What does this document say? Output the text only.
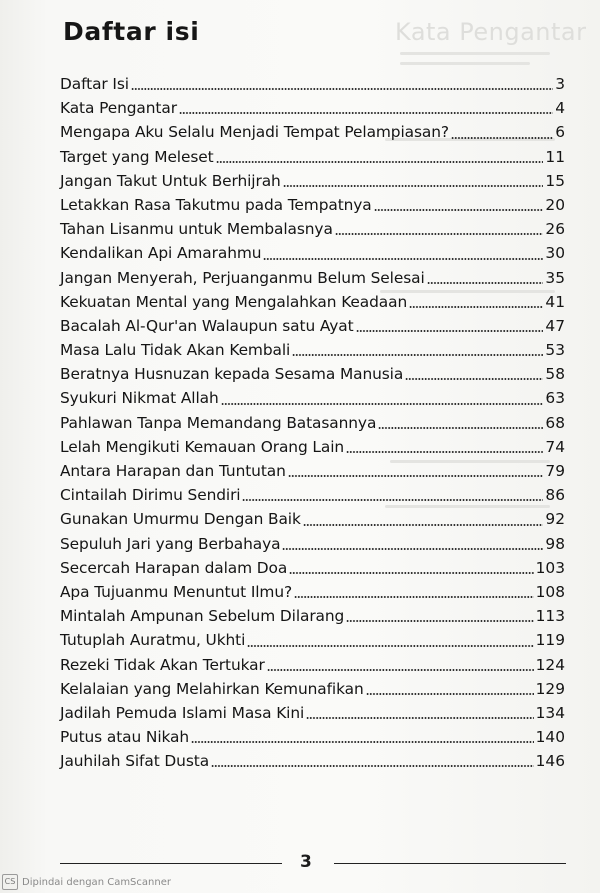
Kata Pengantar
Daftar isi
Daftar Isi	3
Kata Pengantar	4
Mengapa Aku Selalu Menjadi Tempat Pelampiasan?	6
Target yang Meleset	11
Jangan Takut Untuk Berhijrah	15
Letakkan Rasa Takutmu pada Tempatnya	20
Tahan Lisanmu untuk Membalasnya	26
Kendalikan Api Amarahmu	30
Jangan Menyerah, Perjuanganmu Belum Selesai	35
Kekuatan Mental yang Mengalahkan Keadaan	41
Bacalah Al-Qur'an Walaupun satu Ayat	47
Masa Lalu Tidak Akan Kembali	53
Beratnya Husnuzan kepada Sesama Manusia	58
Syukuri Nikmat Allah	63
Pahlawan Tanpa Memandang Batasannya	68
Lelah Mengikuti Kemauan Orang Lain	74
Antara Harapan dan Tuntutan	79
Cintailah Dirimu Sendiri	86
Gunakan Umurmu Dengan Baik	92
Sepuluh Jari yang Berbahaya	98
Secercah Harapan dalam Doa	103
Apa Tujuanmu Menuntut Ilmu?	108
Mintalah Ampunan Sebelum Dilarang	113
Tutuplah Auratmu, Ukhti	119
Rezeki Tidak Akan Tertukar	124
Kelalaian yang Melahirkan Kemunafikan	129
Jadilah Pemuda Islami Masa Kini	134
Putus atau Nikah	140
Jauhilah Sifat Dusta	146
3
CS Dipindai dengan CamScanner
